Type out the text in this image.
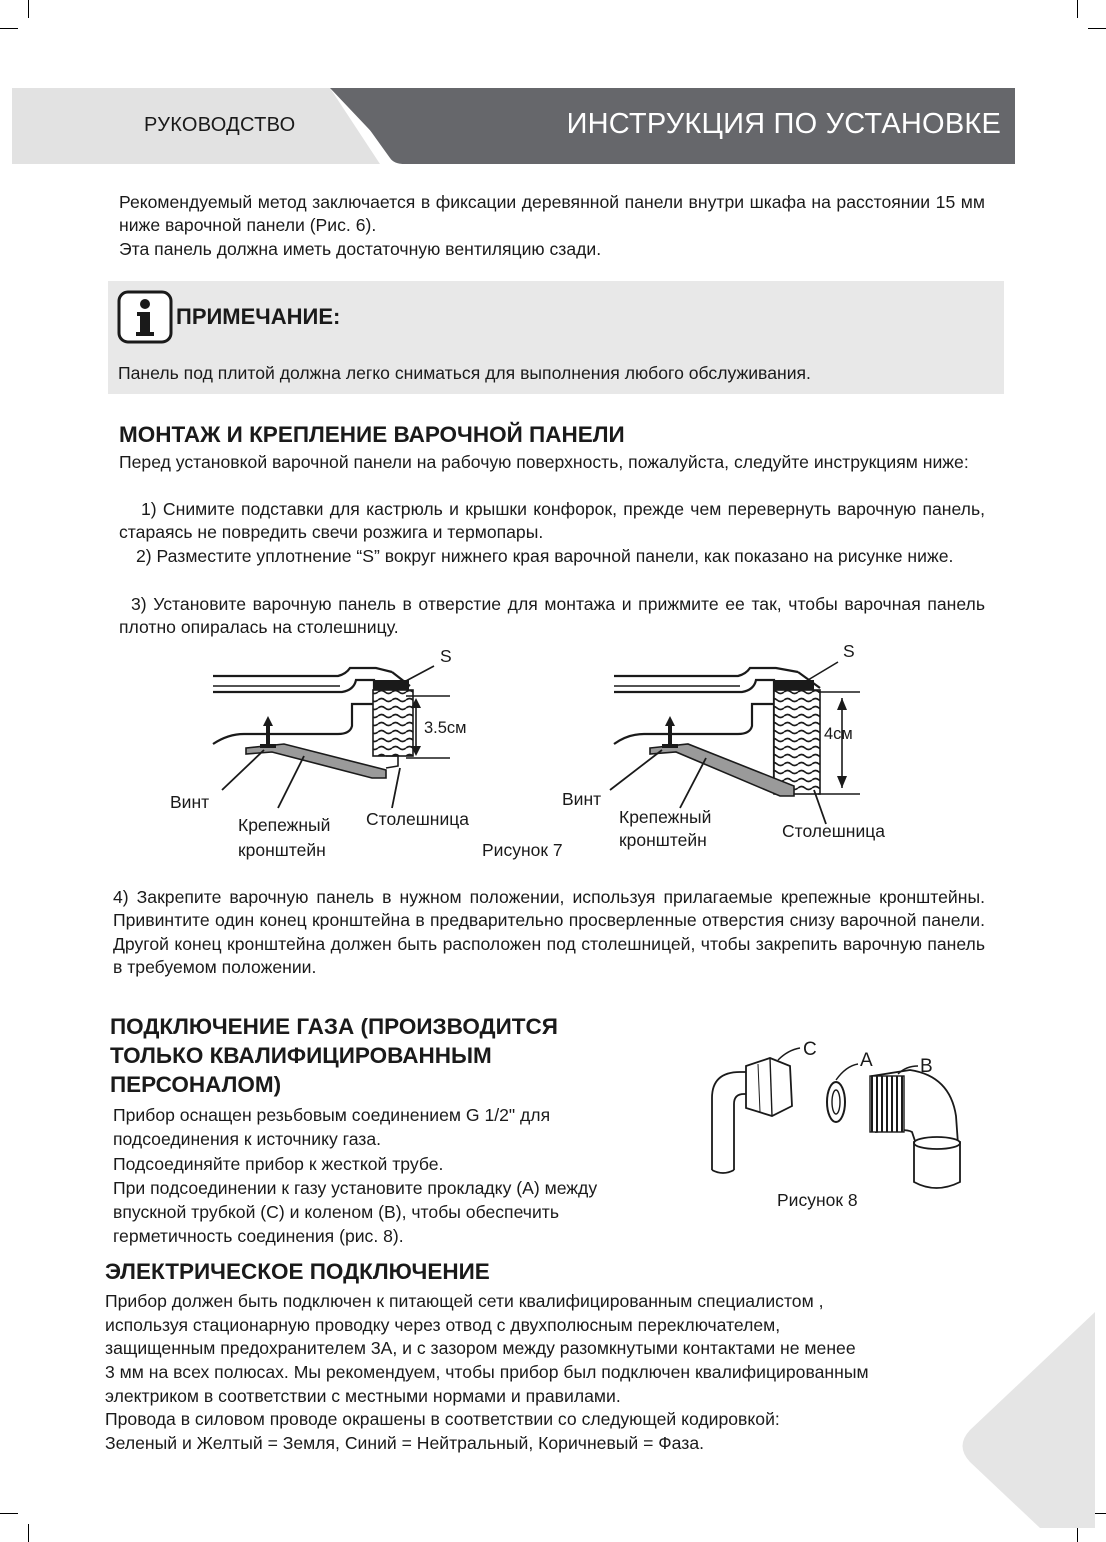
РУКОВОДСТВО	ИНСТРУКЦИЯ ПО УСТАНОВКЕ
Рекомендуемый метод заключается в фиксации деревянной панели внутри шкафа на расстоянии 15 мм ниже варочной панели (Рис. 6).
Эта панель должна иметь достаточную вентиляцию сзади.
ПРИМЕЧАНИЕ:
Панель под плитой должна легко сниматься для выполнения любого обслуживания.
МОНТАЖ И КРЕПЛЕНИЕ ВАРОЧНОЙ ПАНЕЛИ
Перед установкой варочной панели на рабочую поверхность, пожалуйста, следуйте инструкциям ниже:
1) Снимите подставки для кастрюль и крышки конфорок, прежде чем перевернуть варочную панель, стараясь не повредить свечи розжига и термопары.
2) Разместите уплотнение “S” вокруг нижнего края варочной панели, как показано на рисунке ниже.
3) Установите варочную панель в отверстие для монтажа и прижмите ее так, чтобы варочная панель плотно опиралась на столешницу.
S
3.5см
Винт
Крепежный
кронштейн
Столешница
Рисунок 7
S
4см
Винт
Крепежный
кронштейн	Столешница
4) Закрепите варочную панель в нужном положении, используя прилагаемые крепежные кронштейны. Привинтите один конец кронштейна в предварительно просверленные отверстия снизу варочной панели. Другой конец кронштейна должен быть расположен под столешницей, чтобы закрепить варочную панель в требуемом положении.
ПОДКЛЮЧЕНИЕ ГАЗА (ПРОИЗВОДИТСЯ
ТОЛЬКО КВАЛИФИЦИРОВАННЫМ
ПЕРСОНАЛОМ)
Прибор оснащен резьбовым соединением G 1/2" для
подсоединения к источнику газа.
Подсоединяйте прибор к жесткой трубе.
При подсоединении к газу установите прокладку (A) между
впускной трубкой (C) и коленом (B), чтобы обеспечить
герметичность соединения (рис. 8).
C
A B
Рисунок 8
ЭЛЕКТРИЧЕСКОЕ ПОДКЛЮЧЕНИЕ
Прибор должен быть подключен к питающей сети квалифицированным специалистом ,
используя стационарную проводку через отвод с двухполюсным переключателем,
защищенным предохранителем 3A, и с зазором между разомкнутыми контактами не менее
3 мм на всех полюсах. Мы рекомендуем, чтобы прибор был подключен квалифицированным
электриком в соответствии с местными нормами и правилами.
Провода в силовом проводе окрашены в соответствии со следующей кодировкой:
Зеленый и Желтый = Земля, Синий = Нейтральный, Коричневый = Фаза.
